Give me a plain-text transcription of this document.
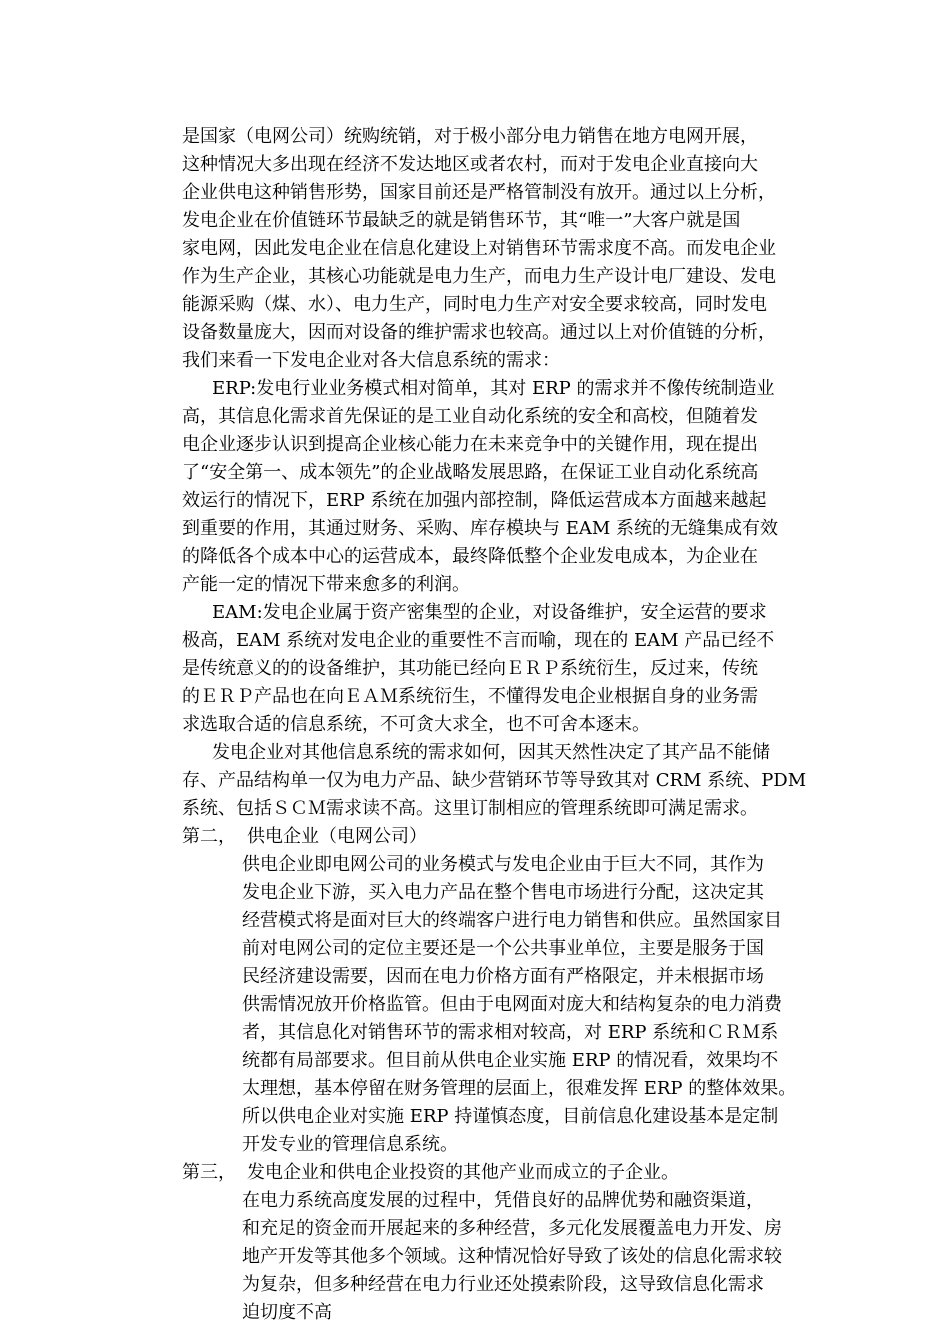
是国家（电网公司）统购统销，对于极小部分电力销售在地方电网开展，
这种情况大多出现在经济不发达地区或者农村，而对于发电企业直接向大
企业供电这种销售形势，国家目前还是严格管制没有放开。通过以上分析，
发电企业在价值链环节最缺乏的就是销售环节，其“唯一”大客户就是国
家电网，因此发电企业在信息化建设上对销售环节需求度不高。而发电企业
作为生产企业，其核心功能就是电力生产，而电力生产设计电厂建设、发电
能源采购（煤、水）、电力生产，同时电力生产对安全要求较高，同时发电
设备数量庞大，因而对设备的维护需求也较高。通过以上对价值链的分析，
我们来看一下发电企业对各大信息系统的需求：
ERP:发电行业业务模式相对简单，其对 ERP 的需求并不像传统制造业
高，其信息化需求首先保证的是工业自动化系统的安全和高校，但随着发
电企业逐步认识到提高企业核心能力在未来竞争中的关键作用，现在提出
了“安全第一、成本领先”的企业战略发展思路，在保证工业自动化系统高
效运行的情况下，ERP 系统在加强内部控制，降低运营成本方面越来越起
到重要的作用，其通过财务、采购、库存模块与 EAM 系统的无缝集成有效
的降低各个成本中心的运营成本，最终降低整个企业发电成本，为企业在
产能一定的情况下带来愈多的利润。
EAM:发电企业属于资产密集型的企业，对设备维护，安全运营的要求
极高，EAM 系统对发电企业的重要性不言而喻，现在的 EAM 产品已经不
是传统意义的的设备维护，其功能已经向ＥＲＰ系统衍生，反过来，传统
的ＥＲＰ产品也在向ＥＡＭ系统衍生，不懂得发电企业根据自身的业务需
求选取合适的信息系统，不可贪大求全，也不可舍本逐末。
发电企业对其他信息系统的需求如何，因其天然性决定了其产品不能储
存、产品结构单一仅为电力产品、缺少营销环节等导致其对 CRM 系统、PDM
系统、包括ＳＣＭ需求读不高。这里订制相应的管理系统即可满足需求。
第二， 供电企业（电网公司）
供电企业即电网公司的业务模式与发电企业由于巨大不同，其作为
发电企业下游，买入电力产品在整个售电市场进行分配，这决定其
经营模式将是面对巨大的终端客户进行电力销售和供应。虽然国家目
前对电网公司的定位主要还是一个公共事业单位，主要是服务于国
民经济建设需要，因而在电力价格方面有严格限定，并未根据市场
供需情况放开价格监管。但由于电网面对庞大和结构复杂的电力消费
者，其信息化对销售环节的需求相对较高，对 ERP 系统和ＣＲＭ系
统都有局部要求。但目前从供电企业实施 ERP 的情况看，效果均不
太理想，基本停留在财务管理的层面上，很难发挥 ERP 的整体效果。
所以供电企业对实施 ERP 持谨慎态度，目前信息化建设基本是定制
开发专业的管理信息系统。
第三， 发电企业和供电企业投资的其他产业而成立的子企业。
在电力系统高度发展的过程中，凭借良好的品牌优势和融资渠道，
和充足的资金而开展起来的多种经营，多元化发展覆盖电力开发、房
地产开发等其他多个领域。这种情况恰好导致了该处的信息化需求较
为复杂，但多种经营在电力行业还处摸索阶段，这导致信息化需求
迫切度不高
